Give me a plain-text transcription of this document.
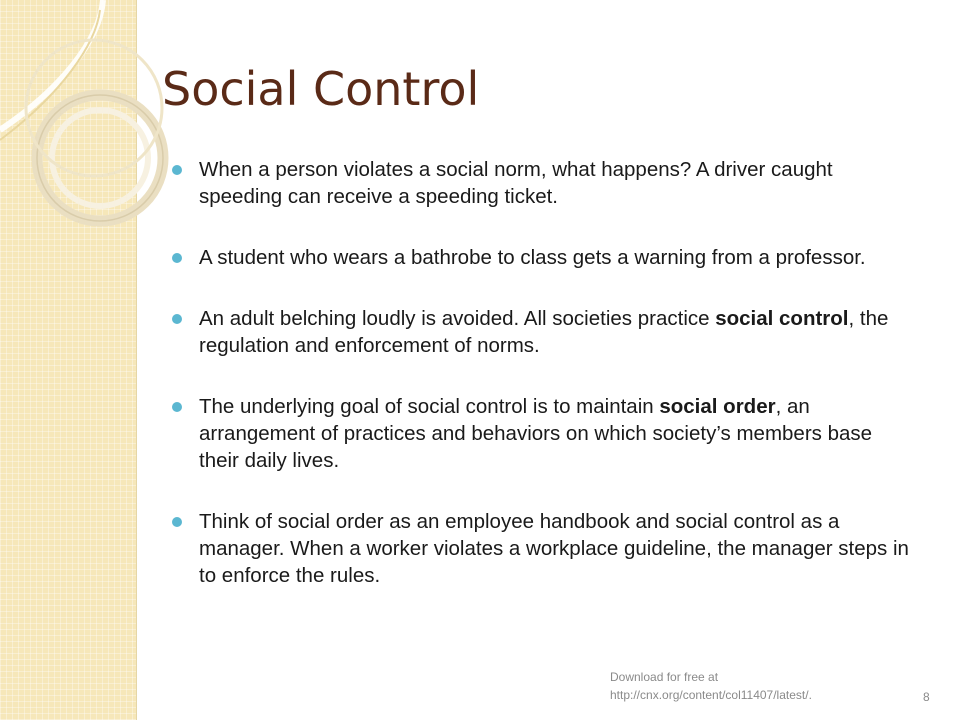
Social Control
When a person violates a social norm, what happens? A driver caught speeding can receive a speeding ticket.
A student who wears a bathrobe to class gets a warning from a professor.
An adult belching loudly is avoided. All societies practice social control, the regulation and enforcement of norms.
The underlying goal of social control is to maintain social order, an arrangement of practices and behaviors on which society’s members base their daily lives.
Think of social order as an employee handbook and social control as a manager. When a worker violates a workplace guideline, the manager steps in to enforce the rules.
Download for free at
http://cnx.org/content/col11407/latest/.	8
